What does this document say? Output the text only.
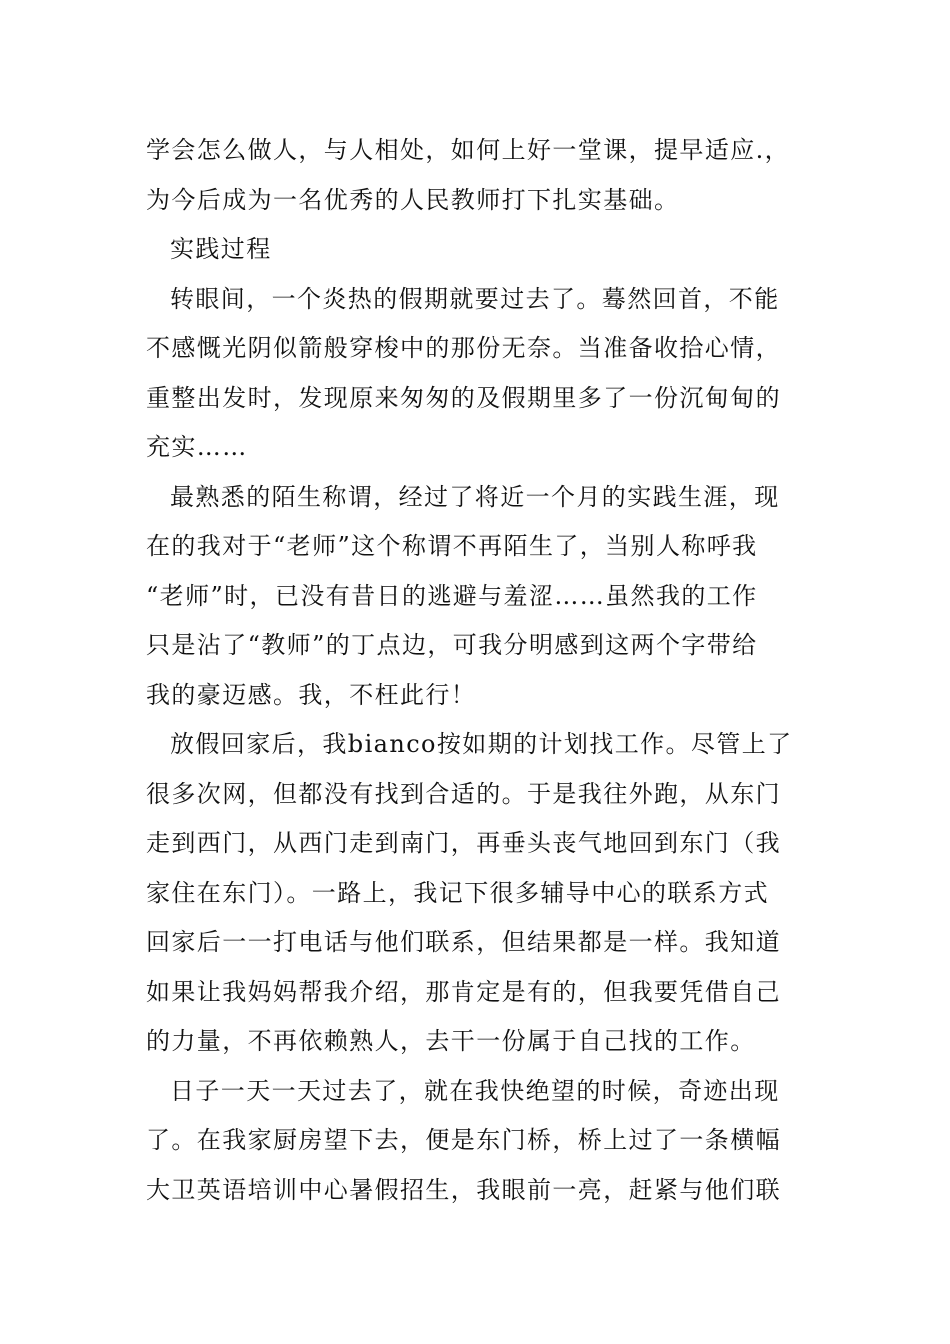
学会怎么做人，与人相处，如何上好一堂课，提早适应.，
为今后成为一名优秀的人民教师打下扎实基础。
实践过程
转眼间，一个炎热的假期就要过去了。蓦然回首，不能
不感慨光阴似箭般穿梭中的那份无奈。当准备收拾心情，
重整出发时，发现原来匆匆的及假期里多了一份沉甸甸的
充实……
最熟悉的陌生称谓，经过了将近一个月的实践生涯，现
在的我对于“老师”这个称谓不再陌生了，当别人称呼我
“老师”时，已没有昔日的逃避与羞涩……虽然我的工作
只是沾了“教师”的丁点边，可我分明感到这两个字带给
我的豪迈感。我，不枉此行！
放假回家后，我bianco按如期的计划找工作。尽管上了
很多次网，但都没有找到合适的。于是我往外跑，从东门
走到西门，从西门走到南门，再垂头丧气地回到东门（我
家住在东门）。一路上，我记下很多辅导中心的联系方式
回家后一一打电话与他们联系，但结果都是一样。我知道
如果让我妈妈帮我介绍，那肯定是有的，但我要凭借自己
的力量，不再依赖熟人，去干一份属于自己找的工作。
日子一天一天过去了，就在我快绝望的时候，奇迹出现
了。在我家厨房望下去，便是东门桥，桥上过了一条横幅
大卫英语培训中心暑假招生，我眼前一亮，赶紧与他们联
